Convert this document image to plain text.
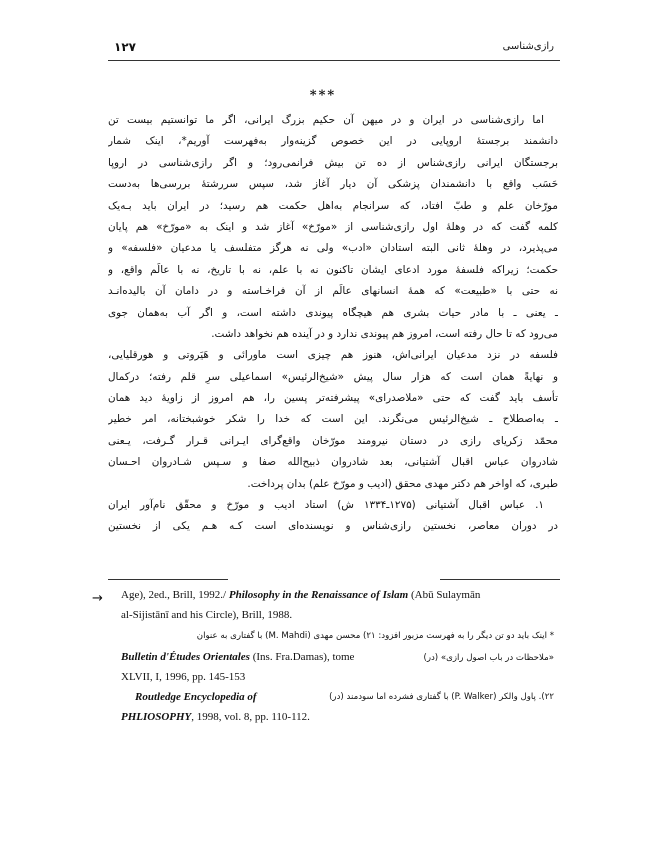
۱۲۷	رازی‌شناسی
***
اما رازی‌شناسی در ایران و در میهن آن حکیم بزرگ ایرانی، اگر ما توانستیم بیست تن
دانشمند برجستهٔ اروپایی در این خصوص گزینه‌وار به‌فهرست آوریم*، اینک شمار
برجستگان ایرانی رازی‌شناس از ده تن بیش فرانمی‌رود؛ و اگر رازی‌شناسی در اروپا
حَسَب واقع با دانشمندان پزشکی آن دیار آغاز شد، سپس سررشتهٔ بررسی‌ها به‌دست
مورّخان علم و طبّ افتاد، که سرانجام به‌اهل حکمت هم رسید؛ در ایران باید بـه‌یک
کلمه گفت که در وهلهٔ اول رازی‌شناسی از «مورّخ» آغاز شد و اینک به «مورّخ» هم پایان
می‌پذیرد، در وهلهٔ ثانی البته استادان «ادب» ولی نه هرگز متفلسف یا مدعیان «فلسفه» و
حکمت؛ زیراکه فلسفهٔ مورد ادعای ایشان تاکنون نه با علم، نه با تاریخ، نه با عالَم واقع، و
نه حتی با «طبیعت» که همهٔ انسانهای عالَم از آن فراخـاسته و در دامان آن بالیده‌انـد
ـ یعنی ـ با مادر حیات بشری هم هیچگاه پیوندی داشته است، و اگر آب به‌همان جوی
می‌رود که تا حال رفته است، امروز هم پیوندی ندارد و در آینده هم نخواهد داشت.
فلسفه در نزد مدعیان ایرانی‌اش، هنوز هم چیزی است ماورائی و هَیَروتی و هورقلیایی،
و نهایةً همان است که هزار سال پیش «شیخ‌الرئیس» اسماعیلی سرِ قلم رفته؛ درکمال
تأسف باید گفت که حتی «ملاصدرای» پیشرفته‌تر پسین را، هم امروز از زاویهٔ دید همان
ـ به‌اصطلاح ـ شیخ‌الرئیس می‌نگرند. این است که خدا را شکر خوشبختانه، امر خطیر
محمّد زکریای رازی در دستان نیرومند مورّخان واقع‌گرای ایـرانی قـرار گـرفت، یـعنی
شادروان عباس اقبال آشتیانی، بعد شادروان ذبیح‌الله صفا و سـپس شـادروان احـسان
طبری، که اواخر هم دکتر مهدی محقق (ادیب و مورّخ علم) بدان پرداخت.
۱. عباس اقبال آشتیانی (۱۲۷۵ـ۱۳۳۴ ش) استاد ادیب و مورّخ و محقّق نام‌آور ایران
در دوران معاصر، نخستین رازی‌شناس و نویسنده‌ای است کـه هـم یکی از نخستین
→ Age), 2ed., Brill, 1992./ Philosophy in the Renaissance of Islam (Abū Sulaymān
al-Sijistānī and his Circle), Brill, 1988.
* اینک باید دو تن دیگر را به فهرست مزبور افزود: ۲۱) محسن مهدی (M. Mahdi) با گفتاری به عنوان
«ملاحظات در باب اصول رازی» (در)
Bulletin d'Études Orientales (Ins. Fra.Damas), tome
XLVII, I, 1996, pp. 145-153
Routledge Encyclopedia of	۲۲). پاول والکر (P. Walker) با گفتاری فشرده اما سودمند (در)
PHLIOSOPHY, 1998, vol. 8, pp. 110-112.
